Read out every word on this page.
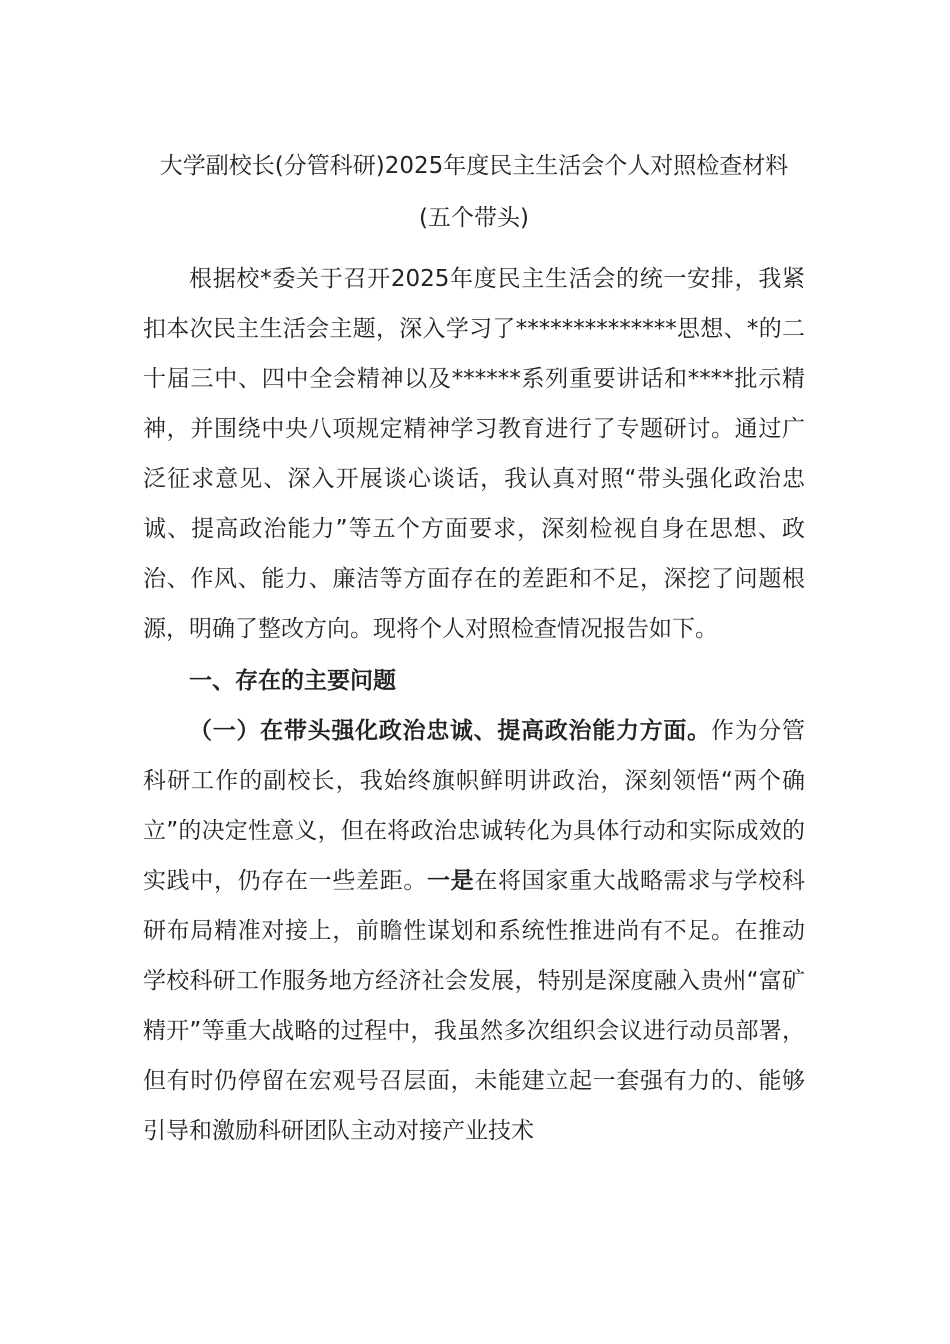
大学副校长(分管科研)2025年度民主生活会个人对照检查材料
(五个带头)

根据校*委关于召开2025年度民主生活会的统一安排，我紧扣本次民主生活会主题，深入学习了**************思想、*的二十届三中、四中全会精神以及******系列重要讲话和****批示精神，并围绕中央八项规定精神学习教育进行了专题研讨。通过广泛征求意见、深入开展谈心谈话，我认真对照“带头强化政治忠诚、提高政治能力”等五个方面要求，深刻检视自身在思想、政治、作风、能力、廉洁等方面存在的差距和不足，深挖了问题根源，明确了整改方向。现将个人对照检查情况报告如下。

一、存在的主要问题

（一）在带头强化政治忠诚、提高政治能力方面。作为分管科研工作的副校长，我始终旗帜鲜明讲政治，深刻领悟“两个确立”的决定性意义，但在将政治忠诚转化为具体行动和实际成效的实践中，仍存在一些差距。一是在将国家重大战略需求与学校科研布局精准对接上，前瞻性谋划和系统性推进尚有不足。在推动学校科研工作服务地方经济社会发展，特别是深度融入贵州“富矿精开”等重大战略的过程中，我虽然多次组织会议进行动员部署，但有时仍停留在宏观号召层面，未能建立起一套强有力的、能够引导和激励科研团队主动对接产业技术
